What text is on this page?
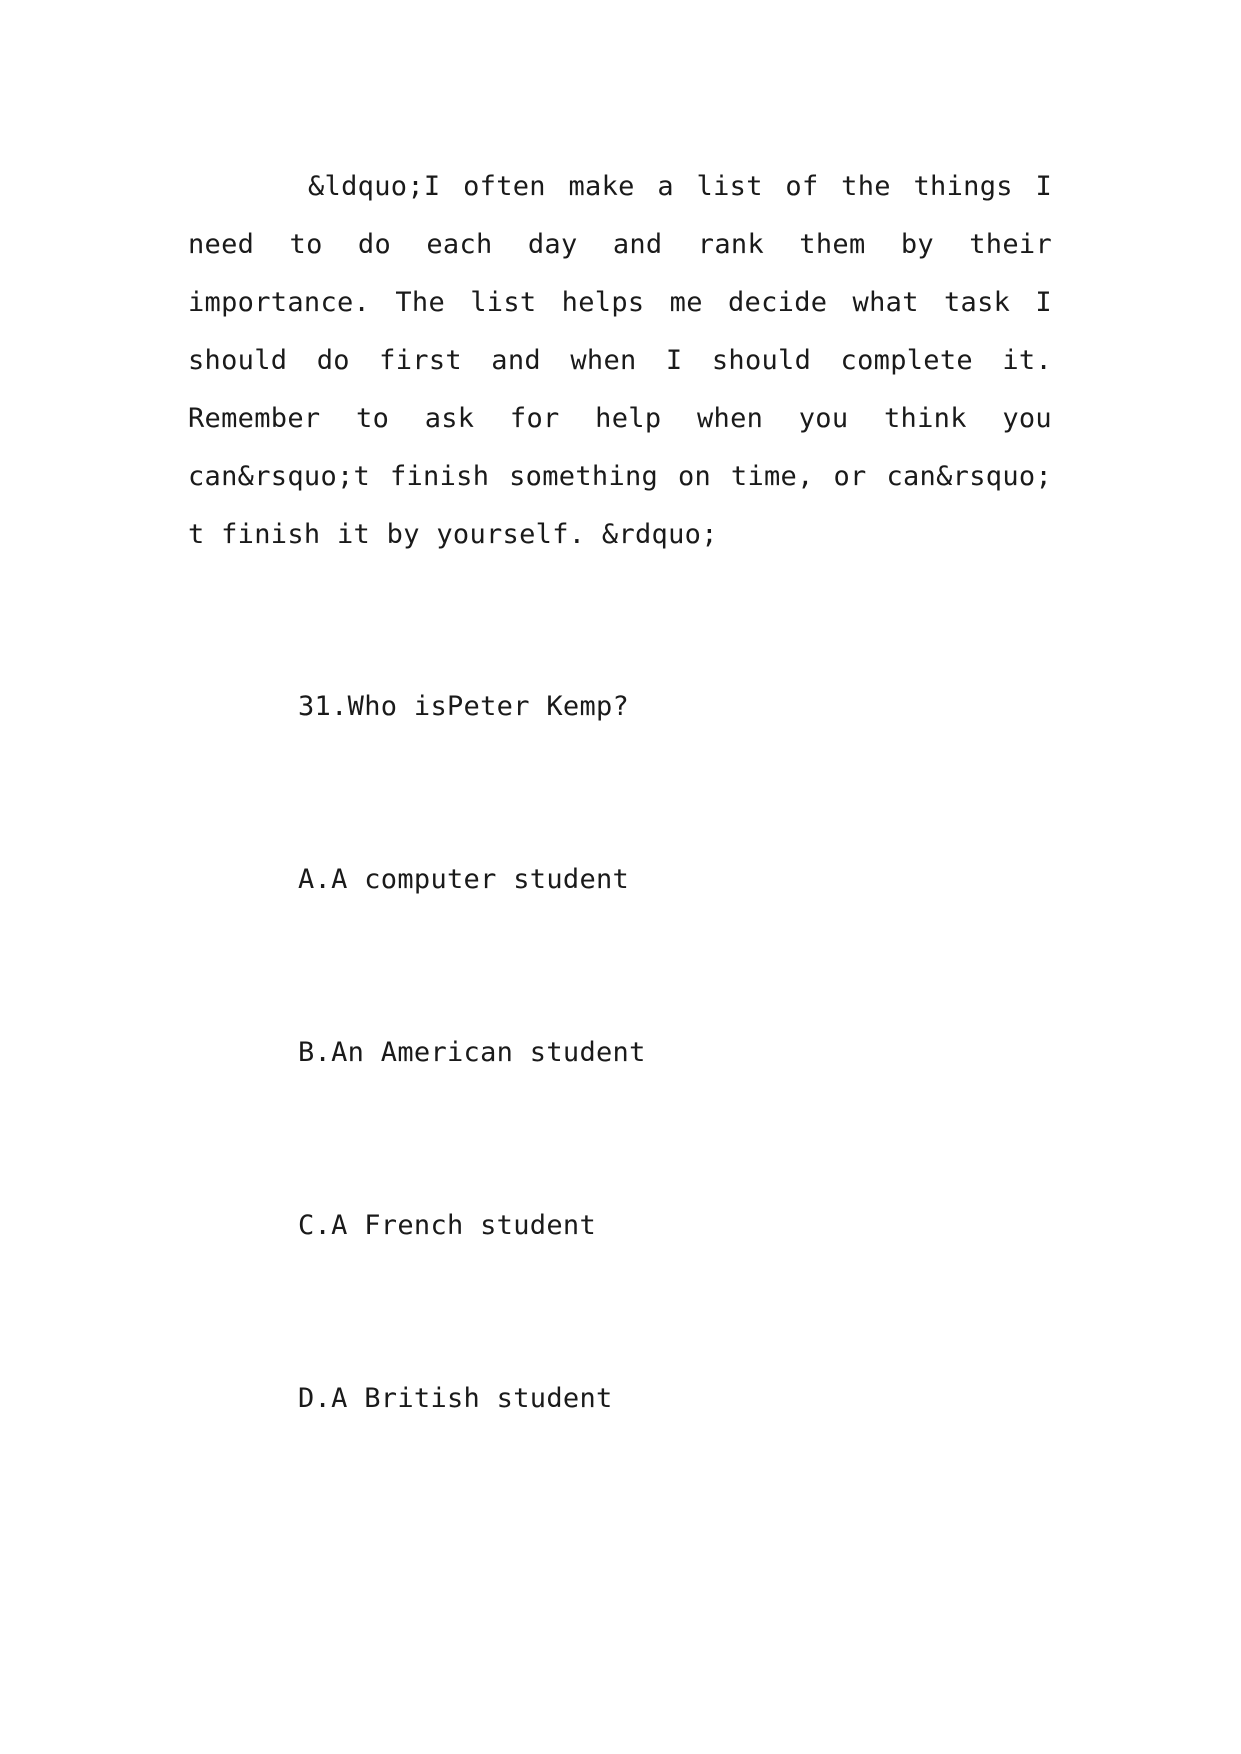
&ldquo;I often make a list of the things I
need to do each day and rank them by their
importance. The list helps me decide what task I
should do first and when I should complete it.
Remember to ask for help when you think you
can&rsquo;t finish something on time, or can&rsquo;
t finish it by yourself. &rdquo;
31.Who isPeter Kemp?
A.A computer student
B.An American student
C.A French student
D.A British student
